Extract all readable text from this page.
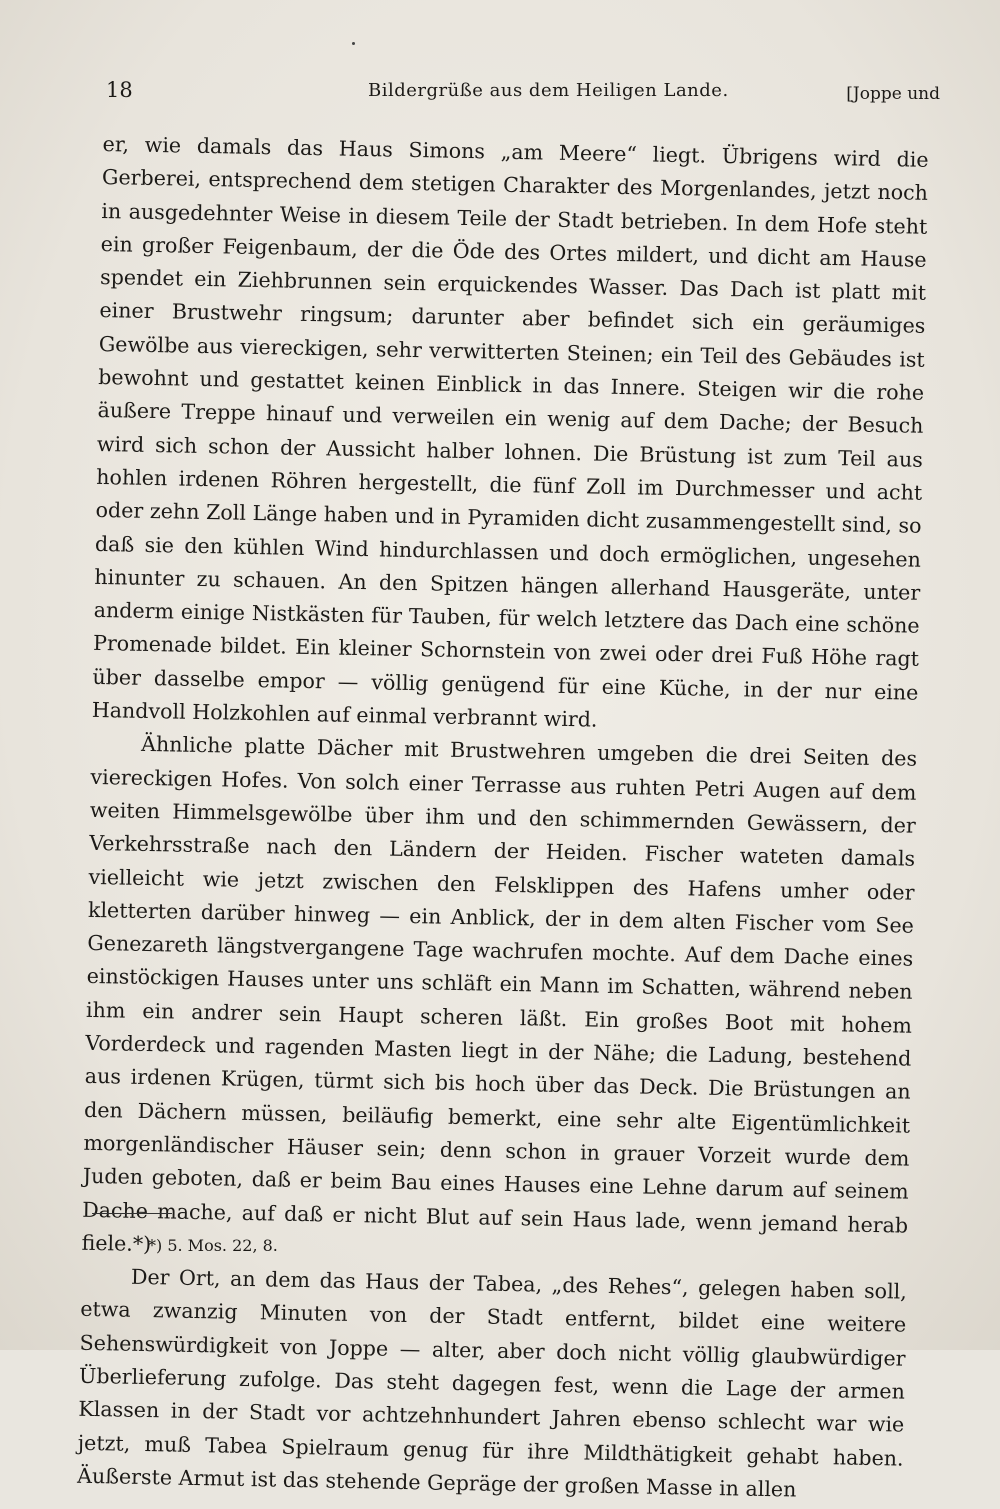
18	Bildergrüße aus dem Heiligen Lande.	[Joppe und

er, wie damals das Haus Simons „am Meere“ liegt. Übrigens wird die Gerberei, entsprechend dem stetigen Charakter des Morgenlandes, jetzt noch in ausgedehnter Weise in diesem Teile der Stadt betrieben. In dem Hofe steht ein großer Feigenbaum, der die Öde des Ortes mildert, und dicht am Hause spendet ein Ziehbrunnen sein erquickendes Wasser. Das Dach ist platt mit einer Brustwehr ringsum; darunter aber befindet sich ein geräumiges Gewölbe aus viereckigen, sehr verwitterten Steinen; ein Teil des Gebäudes ist bewohnt und gestattet keinen Einblick in das Innere. Steigen wir die rohe äußere Treppe hinauf und verweilen ein wenig auf dem Dache; der Besuch wird sich schon der Aussicht halber lohnen. Die Brüstung ist zum Teil aus hohlen irdenen Röhren hergestellt, die fünf Zoll im Durchmesser und acht oder zehn Zoll Länge haben und in Pyramiden dicht zusammengestellt sind, so daß sie den kühlen Wind hindurchlassen und doch ermöglichen, ungesehen hinunter zu schauen. An den Spitzen hängen allerhand Hausgeräte, unter anderm einige Nistkästen für Tauben, für welch letztere das Dach eine schöne Promenade bildet. Ein kleiner Schornstein von zwei oder drei Fuß Höhe ragt über dasselbe empor — völlig genügend für eine Küche, in der nur eine Handvoll Holzkohlen auf einmal verbrannt wird.

Ähnliche platte Dächer mit Brustwehren umgeben die drei Seiten des viereckigen Hofes. Von solch einer Terrasse aus ruhten Petri Augen auf dem weiten Himmelsgewölbe über ihm und den schimmernden Gewässern, der Verkehrsstraße nach den Ländern der Heiden. Fischer wateten damals vielleicht wie jetzt zwischen den Felsklippen des Hafens umher oder kletterten darüber hinweg — ein Anblick, der in dem alten Fischer vom See Genezareth längstvergangene Tage wachrufen mochte. Auf dem Dache eines einstöckigen Hauses unter uns schläft ein Mann im Schatten, während neben ihm ein andrer sein Haupt scheren läßt. Ein großes Boot mit hohem Vorderdeck und ragenden Masten liegt in der Nähe; die Ladung, bestehend aus irdenen Krügen, türmt sich bis hoch über das Deck. Die Brüstungen an den Dächern müssen, beiläufig bemerkt, eine sehr alte Eigentümlichkeit morgenländischer Häuser sein; denn schon in grauer Vorzeit wurde dem Juden geboten, daß er beim Bau eines Hauses eine Lehne darum auf seinem Dache mache, auf daß er nicht Blut auf sein Haus lade, wenn jemand herab fiele.*)

Der Ort, an dem das Haus der Tabea, „des Rehes“, gelegen haben soll, etwa zwanzig Minuten von der Stadt entfernt, bildet eine weitere Sehenswürdigkeit von Joppe — alter, aber doch nicht völlig glaubwürdiger Überlieferung zufolge. Das steht dagegen fest, wenn die Lage der armen Klassen in der Stadt vor achtzehnhundert Jahren ebenso schlecht war wie jetzt, muß Tabea Spielraum genug für ihre Mildthätigkeit gehabt haben. Äußerste Armut ist das stehende Gepräge der großen Masse in allen

*) 5. Mos. 22, 8.
